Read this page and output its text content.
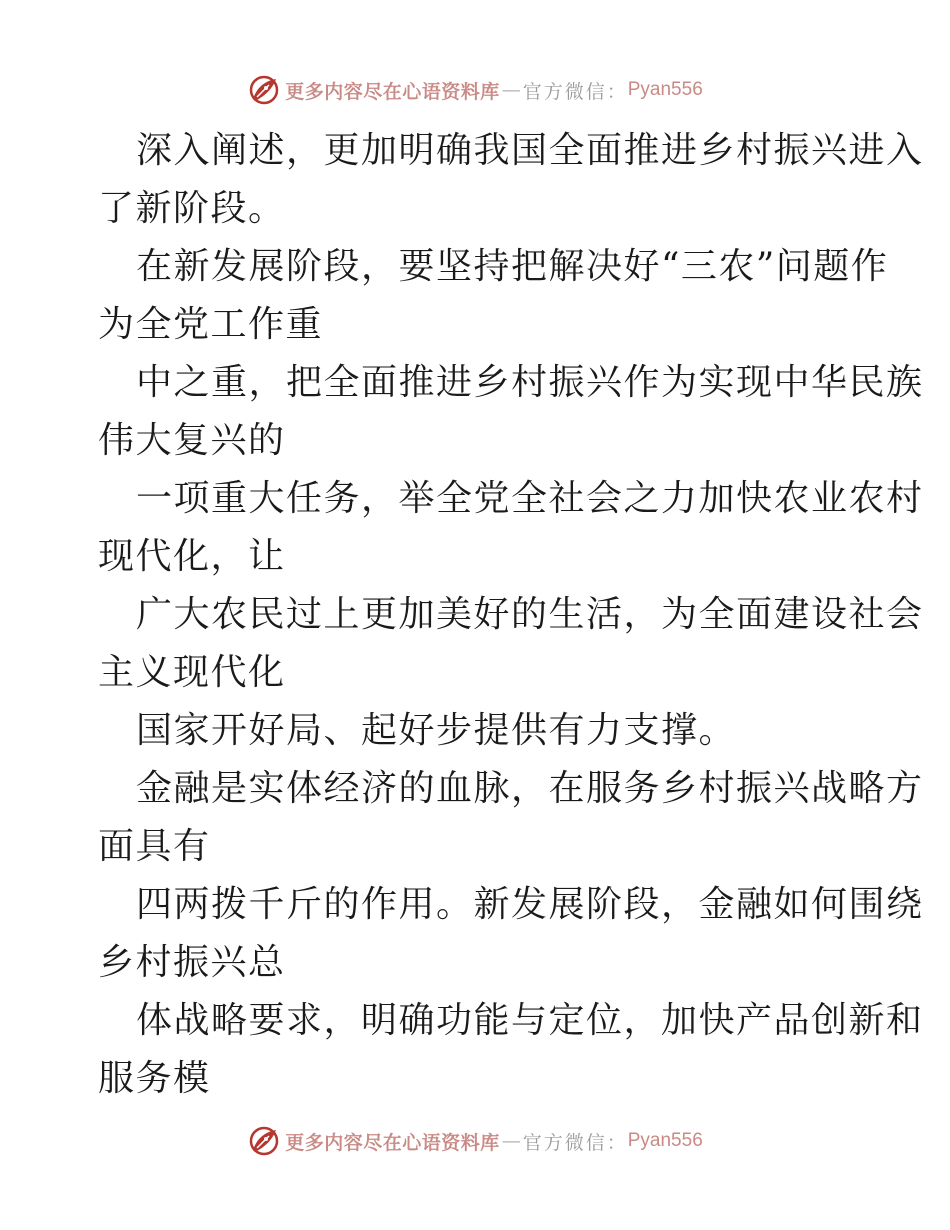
更多内容尽在心语资料库 — 官方微信： Pyan556
深入阐述，更加明确我国全面推进乡村振兴进入
了新阶段。
在新发展阶段，要坚持把解决好“三农”问题作
为全党工作重
中之重，把全面推进乡村振兴作为实现中华民族
伟大复兴的
一项重大任务，举全党全社会之力加快农业农村
现代化，让
广大农民过上更加美好的生活，为全面建设社会
主义现代化
国家开好局、起好步提供有力支撑。
金融是实体经济的血脉，在服务乡村振兴战略方
面具有
四两拨千斤的作用。新发展阶段，金融如何围绕
乡村振兴总
体战略要求，明确功能与定位，加快产品创新和
服务模
更多内容尽在心语资料库 — 官方微信： Pyan556
